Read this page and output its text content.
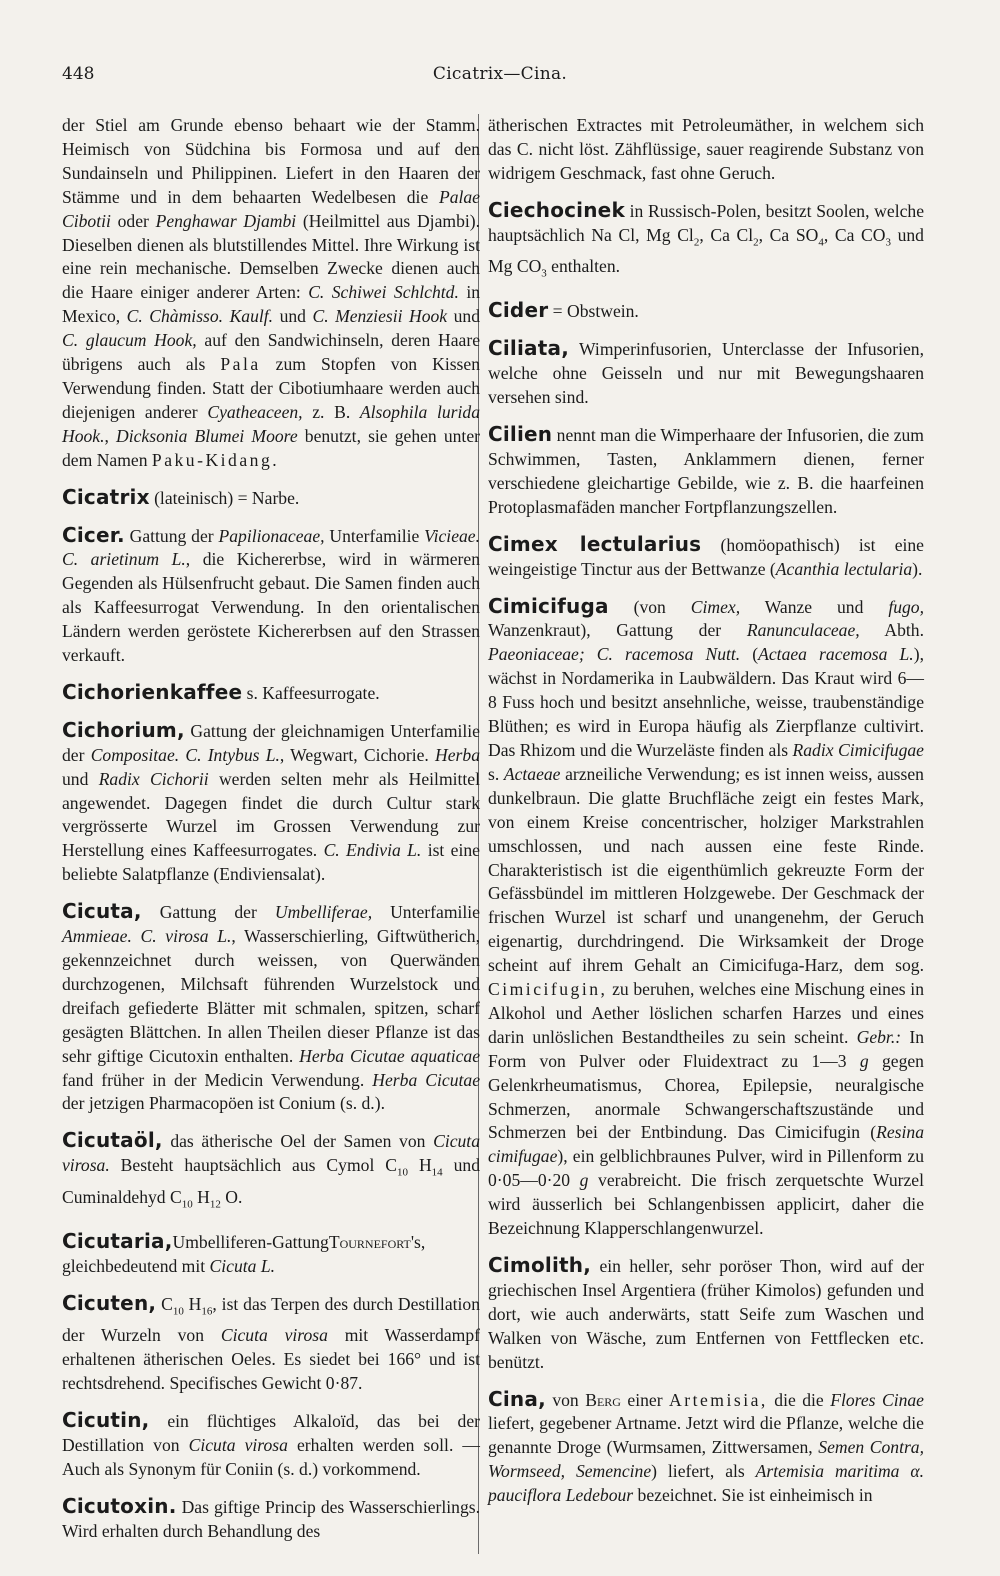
448	Cicatrix—Cina.

der Stiel am Grunde ebenso behaart wie der Stamm. Heimisch von Südchina bis Formosa und auf den Sundainseln und Philippinen. Liefert in den Haaren der Stämme und in dem behaarten Wedelbesen die Palae Cibotii oder Penghawar Djambi (Heilmittel aus Djambi). Dieselben dienen als blutstillendes Mittel. Ihre Wirkung ist eine rein mechanische. Demselben Zwecke dienen auch die Haare einiger anderer Arten: C. Schiwei Schlchtd. in Mexico, C. Chàmisso. Kaulf. und C. Menziesii Hook und C. glaucum Hook, auf den Sandwichinseln, deren Haare übrigens auch als Pala zum Stopfen von Kissen Verwendung finden. Statt der Cibotiumhaare werden auch diejenigen anderer Cyatheaceen, z. B. Alsophila lurida Hook., Dicksonia Blumei Moore benutzt, sie gehen unter dem Namen Paku-Kidang.

Cicatrix (lateinisch) = Narbe.

Cicer. Gattung der Papilionaceae, Unterfamilie Vicieae. C. arietinum L., die Kichererbse, wird in wärmeren Gegenden als Hülsenfrucht gebaut. Die Samen finden auch als Kaffeesurrogat Verwendung. In den orientalischen Ländern werden geröstete Kichererbsen auf den Strassen verkauft.

Cichorienkaffee s. Kaffeesurrogate.

Cichorium, Gattung der gleichnamigen Unterfamilie der Compositae. C. Intybus L., Wegwart, Cichorie. Herba und Radix Cichorii werden selten mehr als Heilmittel angewendet. Dagegen findet die durch Cultur stark vergrösserte Wurzel im Grossen Verwendung zur Herstellung eines Kaffeesurrogates. C. Endivia L. ist eine beliebte Salatpflanze (Endiviensalat).

Cicuta, Gattung der Umbelliferae, Unterfamilie Ammieae. C. virosa L., Wasserschierling, Giftwütherich, gekennzeichnet durch weissen, von Querwänden durchzogenen, Milchsaft führenden Wurzelstock und dreifach gefiederte Blätter mit schmalen, spitzen, scharf gesägten Blättchen. In allen Theilen dieser Pflanze ist das sehr giftige Cicutoxin enthalten. Herba Cicutae aquaticae fand früher in der Medicin Verwendung. Herba Cicutae der jetzigen Pharmacopöen ist Conium (s. d.).

Cicutaöl, das ätherische Oel der Samen von Cicuta virosa. Besteht hauptsächlich aus Cymol $C_{10}$ $H_{14}$ und Cuminaldehyd $C_{10}$ $H_{12}$ O.

Cicutaria,Umbelliferen-GattungTournefort's, gleichbedeutend mit Cicuta L.

Cicuten, $C_{10}$ $H_{16}$, ist das Terpen des durch Destillation der Wurzeln von Cicuta virosa mit Wasserdampf erhaltenen ätherischen Oeles. Es siedet bei 166° und ist rechtsdrehend. Specifisches Gewicht 0·87.

Cicutin, ein flüchtiges Alkaloïd, das bei der Destillation von Cicuta virosa erhalten werden soll. — Auch als Synonym für Coniin (s. d.) vorkommend.

Cicutoxin. Das giftige Princip des Wasserschierlings. Wird erhalten durch Behandlung des

ätherischen Extractes mit Petroleumäther, in welchem sich das C. nicht löst. Zähflüssige, sauer reagirende Substanz von widrigem Geschmack, fast ohne Geruch.

Ciechocinek in Russisch-Polen, besitzt Soolen, welche hauptsächlich Na Cl, Mg $Cl_2$, Ca $Cl_2$, Ca $SO_4$, Ca $CO_3$ und Mg $CO_3$ enthalten.

Cider = Obstwein.

Ciliata, Wimperinfusorien, Unterclasse der Infusorien, welche ohne Geisseln und nur mit Bewegungshaaren versehen sind.

Cilien nennt man die Wimperhaare der Infusorien, die zum Schwimmen, Tasten, Anklammern dienen, ferner verschiedene gleichartige Gebilde, wie z. B. die haarfeinen Protoplasmafäden mancher Fortpflanzungszellen.

Cimex lectularius (homöopathisch) ist eine weingeistige Tinctur aus der Bettwanze (Acanthia lectularia).

Cimicifuga (von Cimex, Wanze und fugo, Wanzenkraut), Gattung der Ranunculaceae, Abth. Paeoniaceae; C. racemosa Nutt. (Actaea racemosa L.), wächst in Nordamerika in Laubwäldern. Das Kraut wird 6—8 Fuss hoch und besitzt ansehnliche, weisse, traubenständige Blüthen; es wird in Europa häufig als Zierpflanze cultivirt. Das Rhizom und die Wurzeläste finden als Radix Cimicifugae s. Actaeae arzneiliche Verwendung; es ist innen weiss, aussen dunkelbraun. Die glatte Bruchfläche zeigt ein festes Mark, von einem Kreise concentrischer, holziger Markstrahlen umschlossen, und nach aussen eine feste Rinde. Charakteristisch ist die eigenthümlich gekreuzte Form der Gefässbündel im mittleren Holzgewebe. Der Geschmack der frischen Wurzel ist scharf und unangenehm, der Geruch eigenartig, durchdringend. Die Wirksamkeit der Droge scheint auf ihrem Gehalt an Cimicifuga-Harz, dem sog. Cimicifugin, zu beruhen, welches eine Mischung eines in Alkohol und Aether löslichen scharfen Harzes und eines darin unlöslichen Bestandtheiles zu sein scheint. Gebr.: In Form von Pulver oder Fluidextract zu 1—3 g gegen Gelenkrheumatismus, Chorea, Epilepsie, neuralgische Schmerzen, anormale Schwangerschaftszustände und Schmerzen bei der Entbindung. Das Cimicifugin (Resina cimifugae), ein gelblichbraunes Pulver, wird in Pillenform zu 0·05—0·20 g verabreicht. Die frisch zerquetschte Wurzel wird äusserlich bei Schlangenbissen applicirt, daher die Bezeichnung Klapperschlangenwurzel.

Cimolith, ein heller, sehr poröser Thon, wird auf der griechischen Insel Argentiera (früher Kimolos) gefunden und dort, wie auch anderwärts, statt Seife zum Waschen und Walken von Wäsche, zum Entfernen von Fettflecken etc. benützt.

Cina, von Berg einer Artemisia, die die Flores Cinae liefert, gegebener Artname. Jetzt wird die Pflanze, welche die genannte Droge (Wurmsamen, Zittwersamen, Semen Contra, Wormseed, Semencine) liefert, als Artemisia maritima α. pauciflora Ledebour bezeichnet. Sie ist einheimisch in
